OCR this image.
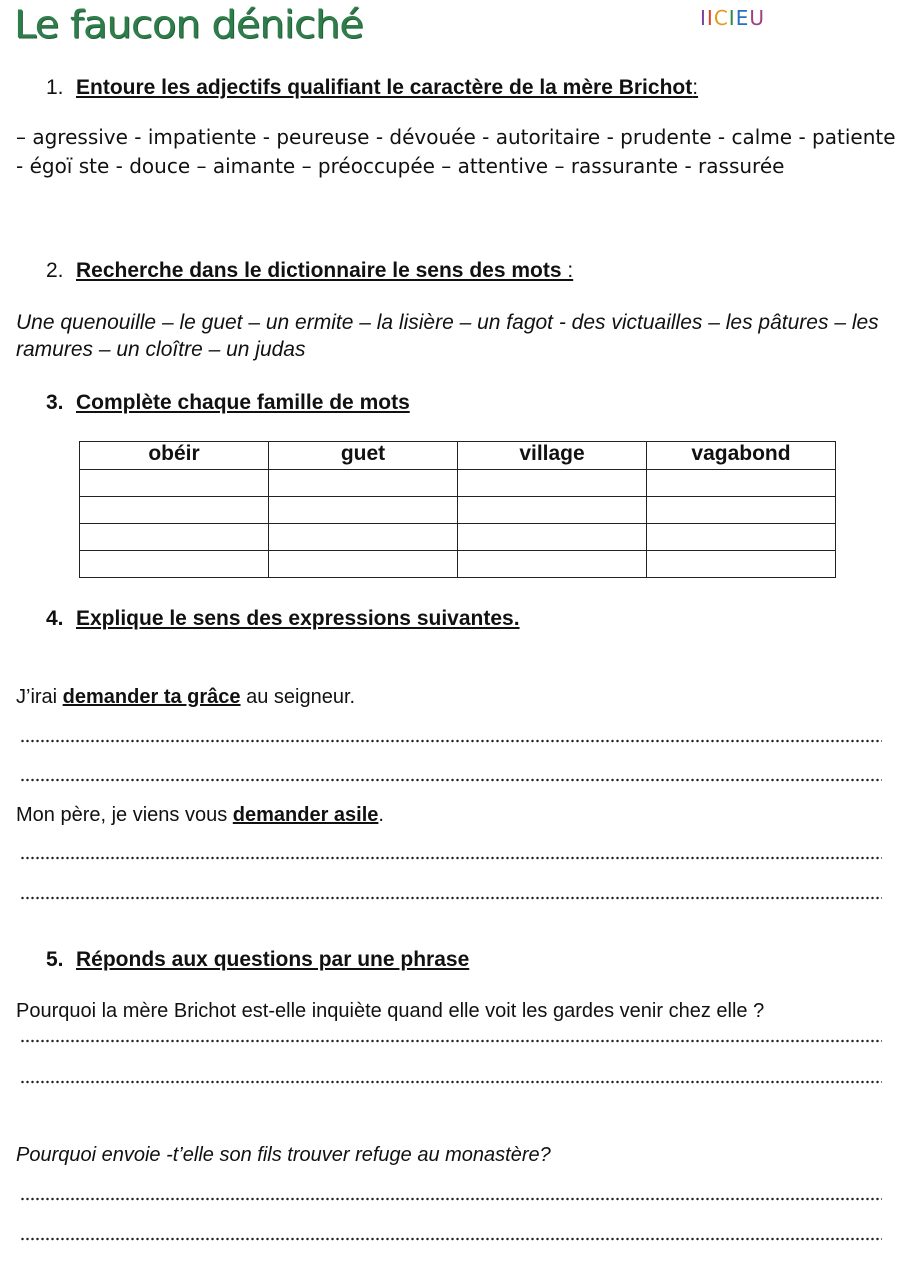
Le faucon déniché	IICIEU
1. Entoure les adjectifs qualifiant le caractère de la mère Brichot:

– agressive - impatiente - peureuse - dévouée - autoritaire - prudente - calme - patiente - égoï ste - douce – aimante – préoccupée – attentive – rassurante - rassurée

2. Recherche dans le dictionnaire le sens des mots :

Une quenouille – le guet – un ermite – la lisière – un fagot - des victuailles – les pâtures – les ramures – un cloître – un judas

3. Complète chaque famille de mots
obéir	guet	village	vagabond

4. Explique le sens des expressions suivantes.
J’irai demander ta grâce au seigneur.
Mon père, je viens vous demander asile.
5. Réponds aux questions par une phrase
Pourquoi la mère Brichot est-elle inquiète quand elle voit les gardes venir chez elle ?
Pourquoi envoie -t’elle son fils trouver refuge au monastère?
